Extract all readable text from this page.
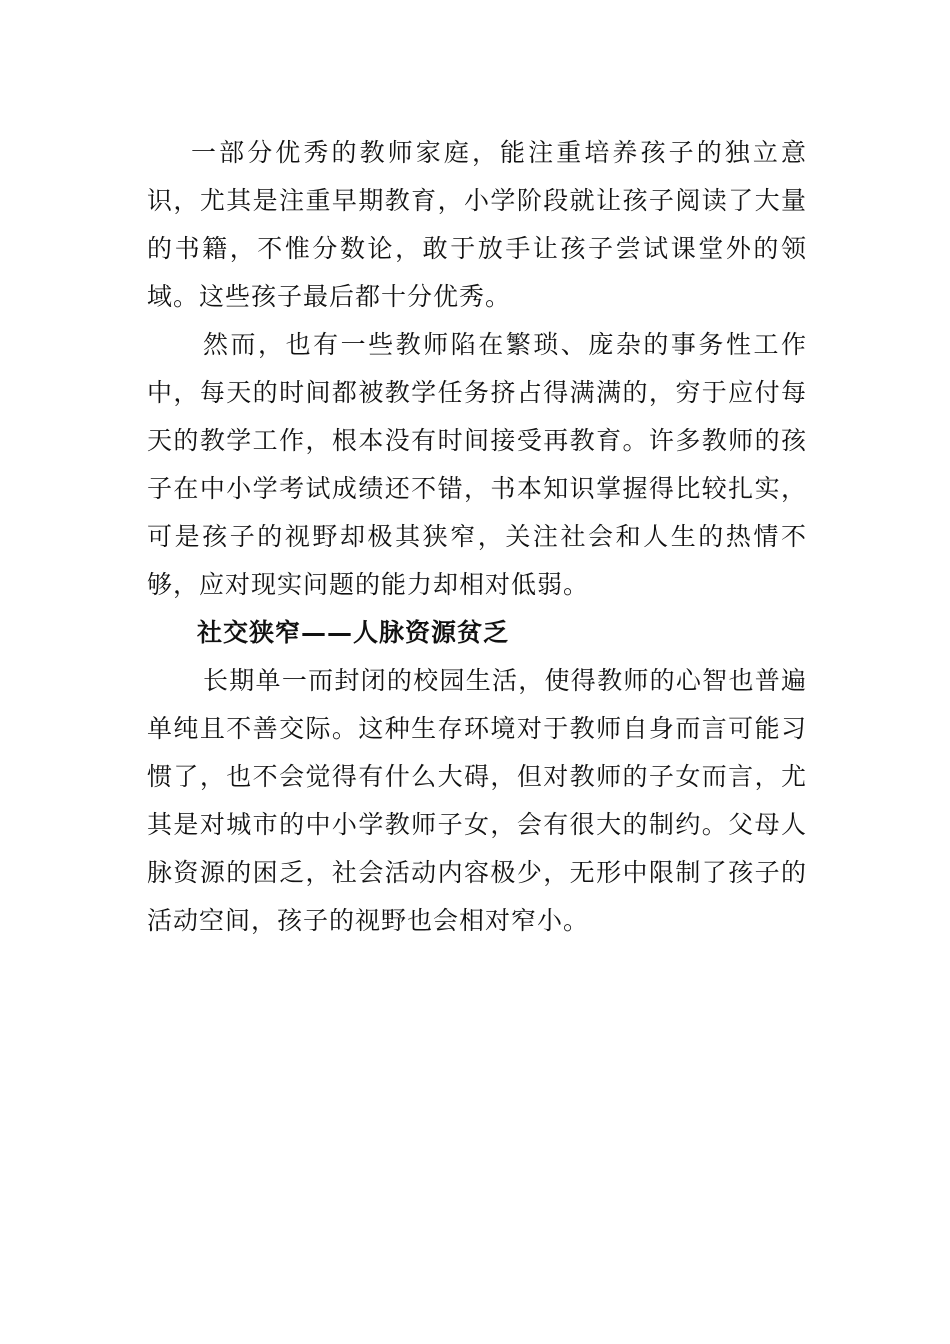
一部分优秀的教师家庭，能注重培养孩子的独立意识，尤其是注重早期教育，小学阶段就让孩子阅读了大量的书籍，不惟分数论，敢于放手让孩子尝试课堂外的领域。这些孩子最后都十分优秀。

然而，也有一些教师陷在繁琐、庞杂的事务性工作中，每天的时间都被教学任务挤占得满满的，穷于应付每天的教学工作，根本没有时间接受再教育。许多教师的孩子在中小学考试成绩还不错，书本知识掌握得比较扎实，可是孩子的视野却极其狭窄，关注社会和人生的热情不够，应对现实问题的能力却相对低弱。

社交狭窄——人脉资源贫乏

长期单一而封闭的校园生活，使得教师的心智也普遍单纯且不善交际。这种生存环境对于教师自身而言可能习惯了，也不会觉得有什么大碍，但对教师的子女而言，尤其是对城市的中小学教师子女，会有很大的制约。父母人脉资源的困乏，社会活动内容极少，无形中限制了孩子的活动空间，孩子的视野也会相对窄小。
